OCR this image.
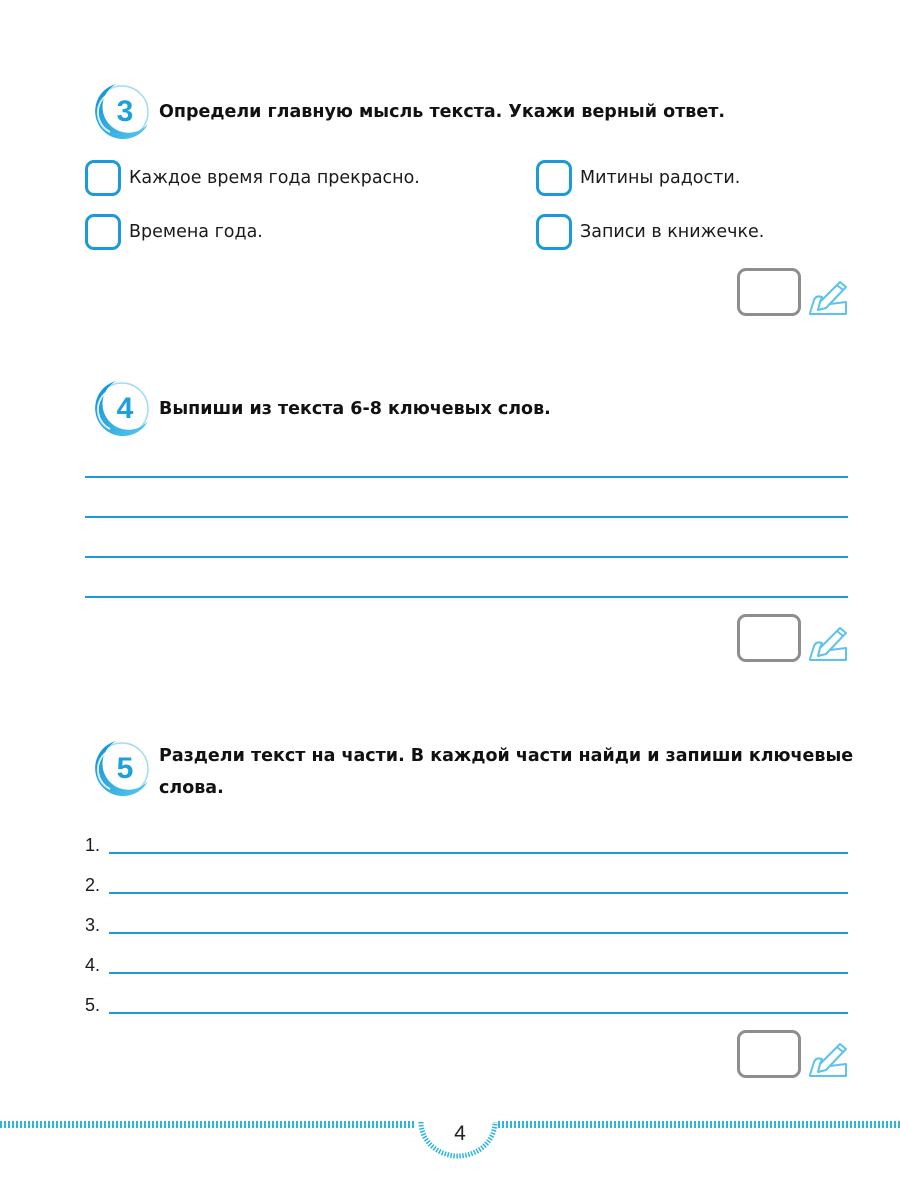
3	Определи главную мысль текста. Укажи верный ответ.
Каждое время года прекрасно.	Митины радости.
Времена года.	Записи в книжечке.
4	Выпиши из текста 6-8 ключевых слов.
5	Раздели текст на части. В каждой части найди и запиши ключевые
слова.
1.
2.
3.
4.
5.
4
